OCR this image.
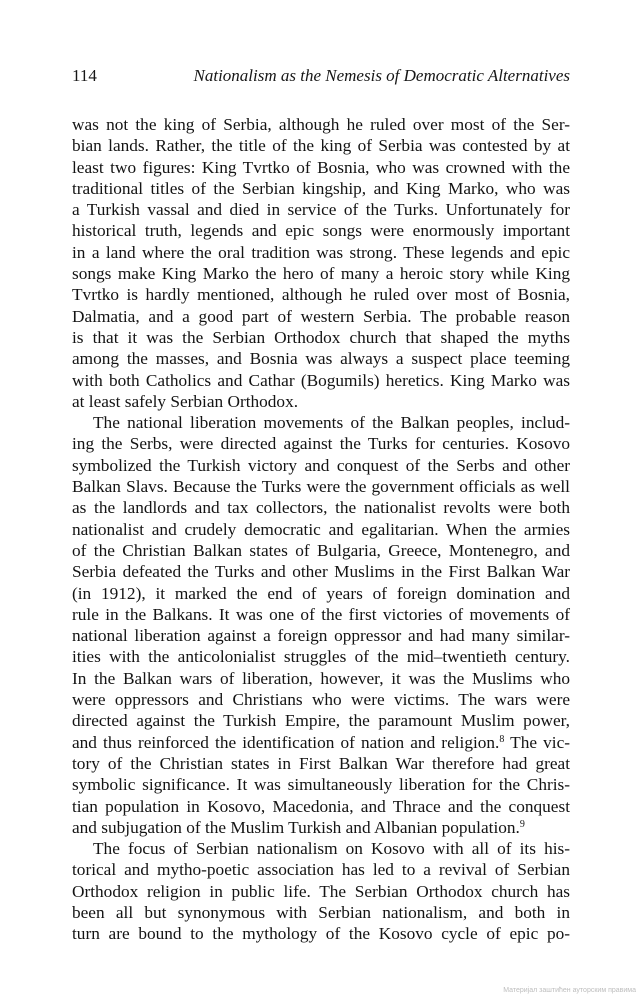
114	Nationalism as the Nemesis of Democratic Alternatives
was not the king of Serbia, although he ruled over most of the Ser-
bian lands. Rather, the title of the king of Serbia was contested by at
least two figures: King Tvrtko of Bosnia, who was crowned with the
traditional titles of the Serbian kingship, and King Marko, who was
a Turkish vassal and died in service of the Turks. Unfortunately for
historical truth, legends and epic songs were enormously important
in a land where the oral tradition was strong. These legends and epic
songs make King Marko the hero of many a heroic story while King
Tvrtko is hardly mentioned, although he ruled over most of Bosnia,
Dalmatia, and a good part of western Serbia. The probable reason
is that it was the Serbian Orthodox church that shaped the myths
among the masses, and Bosnia was always a suspect place teeming
with both Catholics and Cathar (Bogumils) heretics. King Marko was
at least safely Serbian Orthodox.
The national liberation movements of the Balkan peoples, includ-
ing the Serbs, were directed against the Turks for centuries. Kosovo
symbolized the Turkish victory and conquest of the Serbs and other
Balkan Slavs. Because the Turks were the government officials as well
as the landlords and tax collectors, the nationalist revolts were both
nationalist and crudely democratic and egalitarian. When the armies
of the Christian Balkan states of Bulgaria, Greece, Montenegro, and
Serbia defeated the Turks and other Muslims in the First Balkan War
(in 1912), it marked the end of years of foreign domination and
rule in the Balkans. It was one of the first victories of movements of
national liberation against a foreign oppressor and had many similar-
ities with the anticolonialist struggles of the mid–twentieth century.
In the Balkan wars of liberation, however, it was the Muslims who
were oppressors and Christians who were victims. The wars were
directed against the Turkish Empire, the paramount Muslim power,
and thus reinforced the identification of nation and religion.$^8$ The vic-
tory of the Christian states in First Balkan War therefore had great
symbolic significance. It was simultaneously liberation for the Chris-
tian population in Kosovo, Macedonia, and Thrace and the conquest
and subjugation of the Muslim Turkish and Albanian population.$^9$
The focus of Serbian nationalism on Kosovo with all of its his-
torical and mytho-poetic association has led to a revival of Serbian
Orthodox religion in public life. The Serbian Orthodox church has
been all but synonymous with Serbian nationalism, and both in
turn are bound to the mythology of the Kosovo cycle of epic po-
Материјал заштићен ауторским правима
